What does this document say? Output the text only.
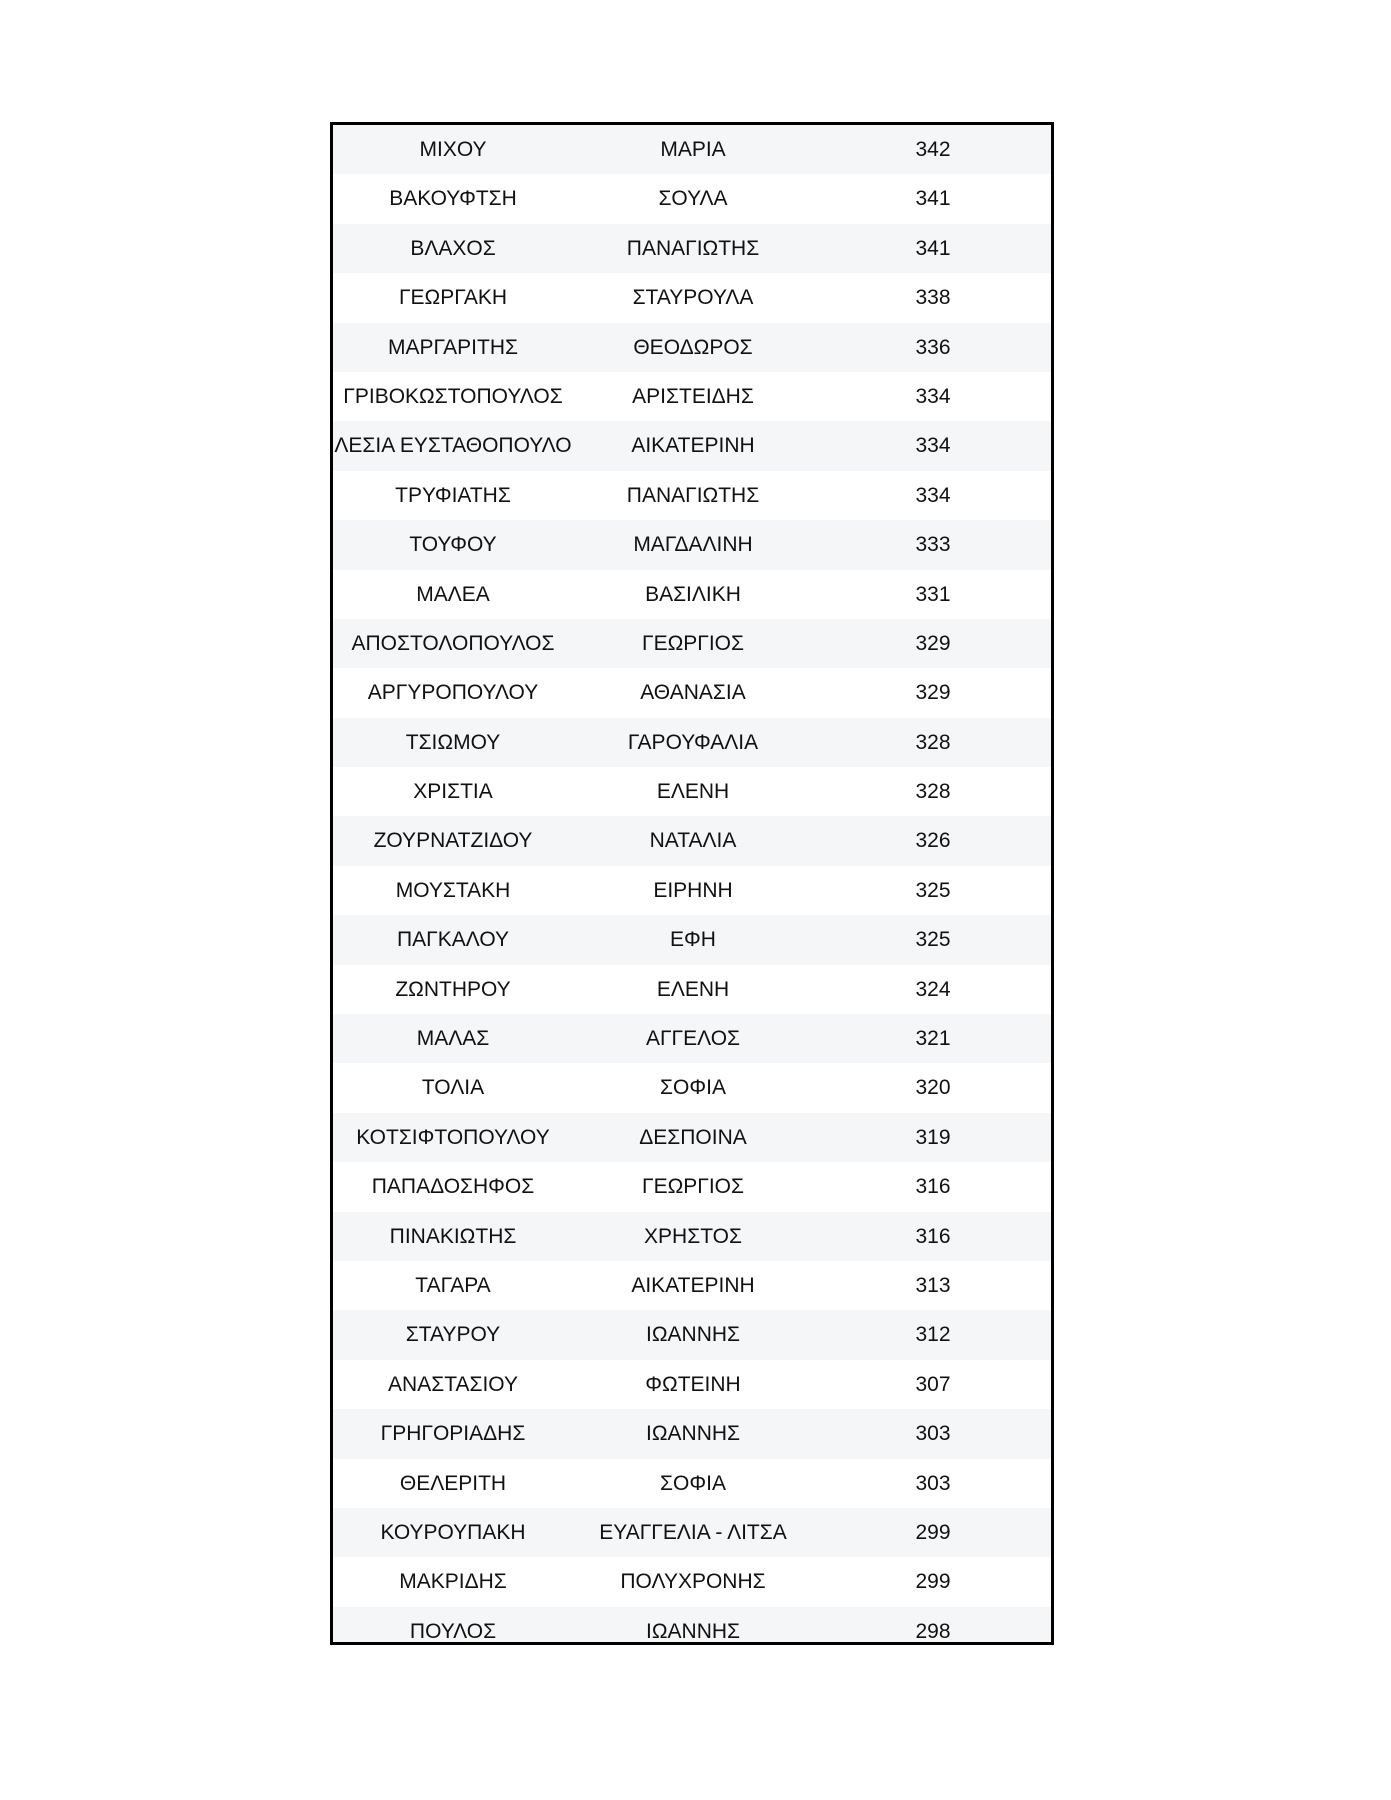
ΜΙΧΟΥ	ΜΑΡΙΑ	342
ΒΑΚΟΥΦΤΣΗ	ΣΟΥΛΑ	341
ΒΛΑΧΟΣ	ΠΑΝΑΓΙΩΤΗΣ	341
ΓΕΩΡΓΑΚΗ	ΣΤΑΥΡΟΥΛΑ	338
ΜΑΡΓΑΡΙΤΗΣ	ΘΕΟΔΩΡΟΣ	336
ΓΡΙΒΟΚΩΣΤΟΠΟΥΛΟΣ	ΑΡΙΣΤΕΙΔΗΣ	334
ΛΕΣΙΑ ΕΥΣΤΑΘΟΠΟΥΛΟ	ΑΙΚΑΤΕΡΙΝΗ	334
ΤΡΥΦΙΑΤΗΣ	ΠΑΝΑΓΙΩΤΗΣ	334
ΤΟΥΦΟΥ	ΜΑΓΔΑΛΙΝΗ	333
ΜΑΛΕΑ	ΒΑΣΙΛΙΚΗ	331
ΑΠΟΣΤΟΛΟΠΟΥΛΟΣ	ΓΕΩΡΓΙΟΣ	329
ΑΡΓΥΡΟΠΟΥΛΟΥ	ΑΘΑΝΑΣΙΑ	329
ΤΣΙΩΜΟΥ	ΓΑΡΟΥΦΑΛΙΑ	328
ΧΡΙΣΤΙΑ	ΕΛΕΝΗ	328
ΖΟΥΡΝΑΤΖΙΔΟΥ	ΝΑΤΑΛΙΑ	326
ΜΟΥΣΤΑΚΗ	ΕΙΡΗΝΗ	325
ΠΑΓΚΑΛΟΥ	ΕΦΗ	325
ΖΩΝΤΗΡΟΥ	ΕΛΕΝΗ	324
ΜΑΛΑΣ	ΑΓΓΕΛΟΣ	321
ΤΟΛΙΑ	ΣΟΦΙΑ	320
ΚΟΤΣΙΦΤΟΠΟΥΛΟΥ	ΔΕΣΠΟΙΝΑ	319
ΠΑΠΑΔΟΣΗΦΟΣ	ΓΕΩΡΓΙΟΣ	316
ΠΙΝΑΚΙΩΤΗΣ	ΧΡΗΣΤΟΣ	316
ΤΑΓΑΡΑ	ΑΙΚΑΤΕΡΙΝΗ	313
ΣΤΑΥΡΟΥ	ΙΩΑΝΝΗΣ	312
ΑΝΑΣΤΑΣΙΟΥ	ΦΩΤΕΙΝΗ	307
ΓΡΗΓΟΡΙΑΔΗΣ	ΙΩΑΝΝΗΣ	303
ΘΕΛΕΡΙΤΗ	ΣΟΦΙΑ	303
ΚΟΥΡΟΥΠΑΚΗ	ΕΥΑΓΓΕΛΙΑ - ΛΙΤΣΑ	299
ΜΑΚΡΙΔΗΣ	ΠΟΛΥΧΡΟΝΗΣ	299
ΠΟΥΛΟΣ	ΙΩΑΝΝΗΣ	298
